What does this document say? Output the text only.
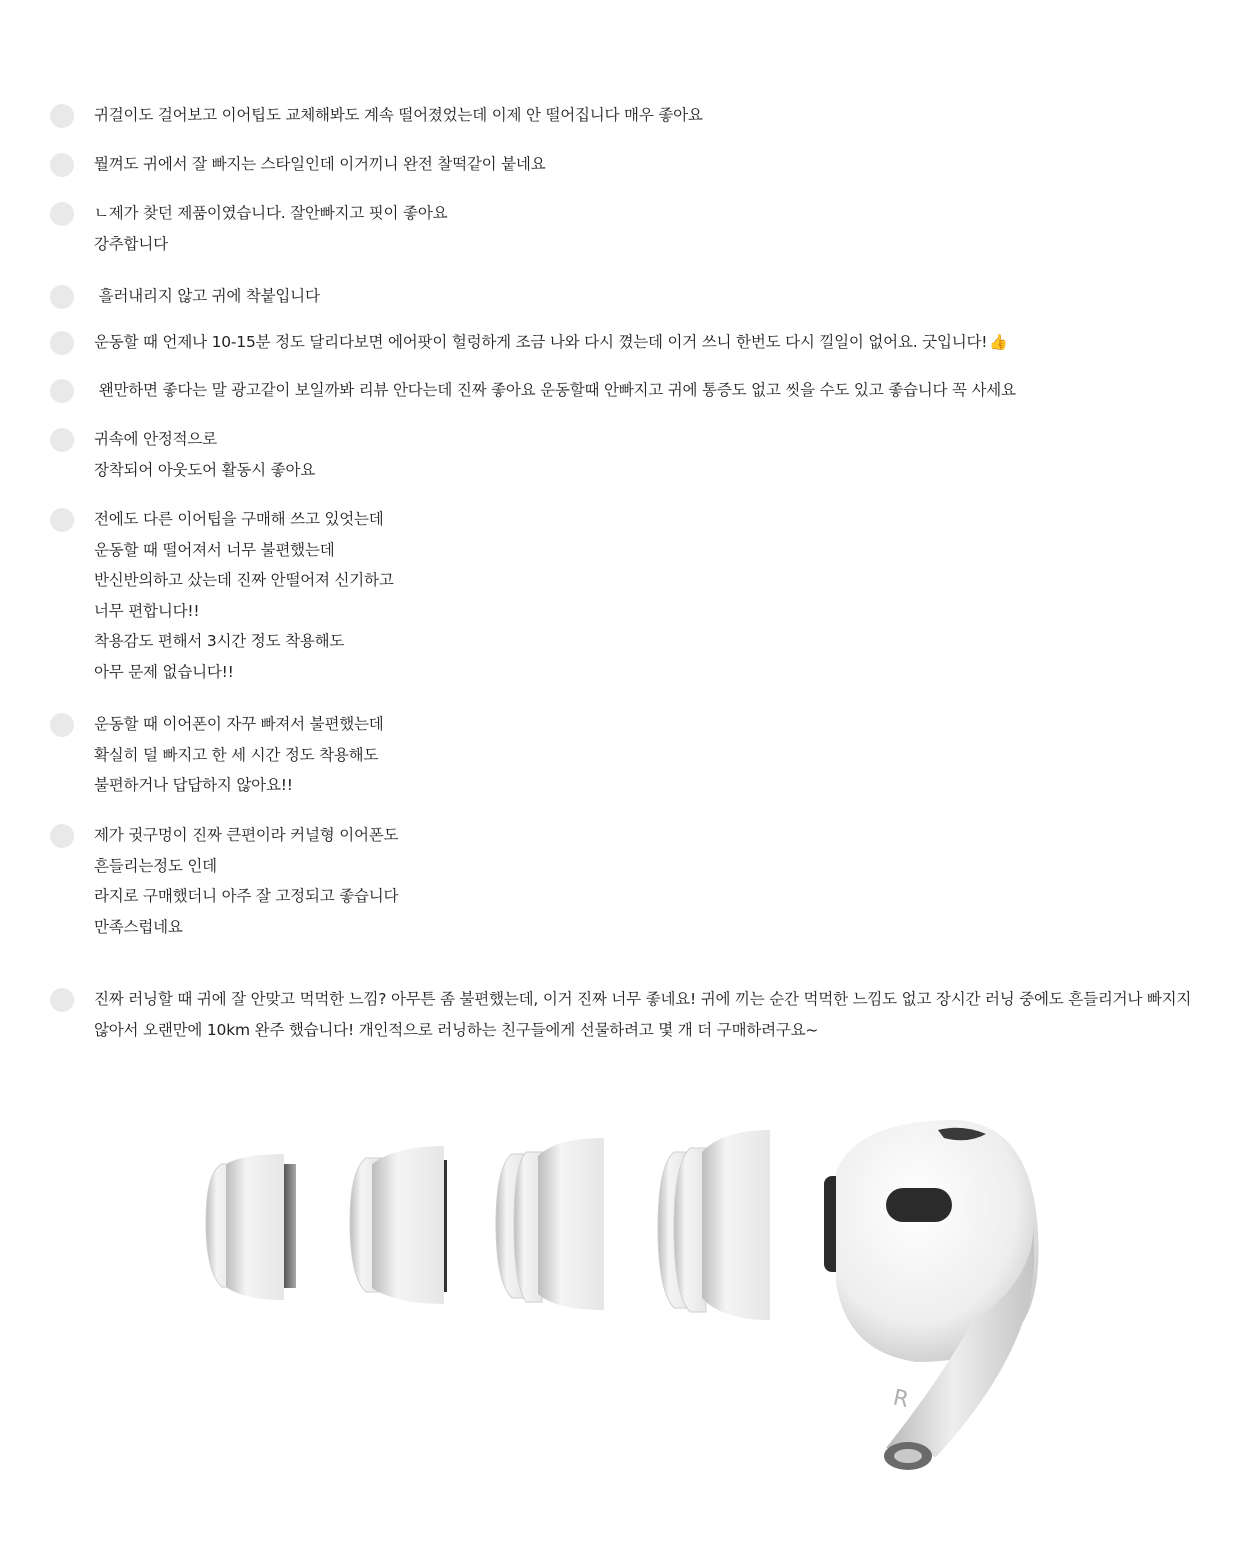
귀걸이도 걸어보고 이어팁도 교체해봐도 계속 떨어졌었는데 이제 안 떨어집니다 매우 좋아요
뭘껴도 귀에서 잘 빠지는 스타일인데 이거끼니 완전 찰떡같이 붙네요
ㄴ제가 찾던 제품이였습니다. 잘안빠지고 핏이 좋아요
강추합니다
흘러내리지 않고 귀에 착붙입니다
운동할 때 언제나 10-15분 정도 달리다보면 에어팟이 헐렁하게 조금 나와 다시 꼈는데 이거 쓰니 한번도 다시 낄일이 없어요. 굿입니다! 👍
왠만하면 좋다는 말 광고같이 보일까봐 리뷰 안다는데 진짜 좋아요 운동할때 안빠지고 귀에 통증도 없고 씻을 수도 있고 좋습니다 꼭 사세요
귀속에 안정적으로
장착되어 아웃도어 활동시 좋아요
전에도 다른 이어팁을 구매해 쓰고 있엇는데
운동할 때 떨어져서 너무 불편했는데
반신반의하고 샀는데 진짜 안떨어져 신기하고
너무 편합니다!!
착용감도 편해서 3시간 정도 착용해도
아무 문제 없습니다!!
운동할 때 이어폰이 자꾸 빠져서 불편했는데
확실히 덜 빠지고 한 세 시간 정도 착용해도
불편하거나 답답하지 않아요!!
제가 귓구멍이 진짜 큰편이라 커널형 이어폰도
흔들리는정도 인데
라지로 구매했더니 아주 잘 고정되고 좋습니다
만족스럽네요
진짜 러닝할 때 귀에 잘 안맞고 먹먹한 느낌? 아무튼 좀 불편했는데, 이거 진짜 너무 좋네요! 귀에 끼는 순간 먹먹한 느낌도 없고 장시간 러닝 중에도 흔들리거나 빠지지 않아서 오랜만에 10km 완주 했습니다! 개인적으로 러닝하는 친구들에게 선물하려고 몇 개 더 구매하려구요~
R
